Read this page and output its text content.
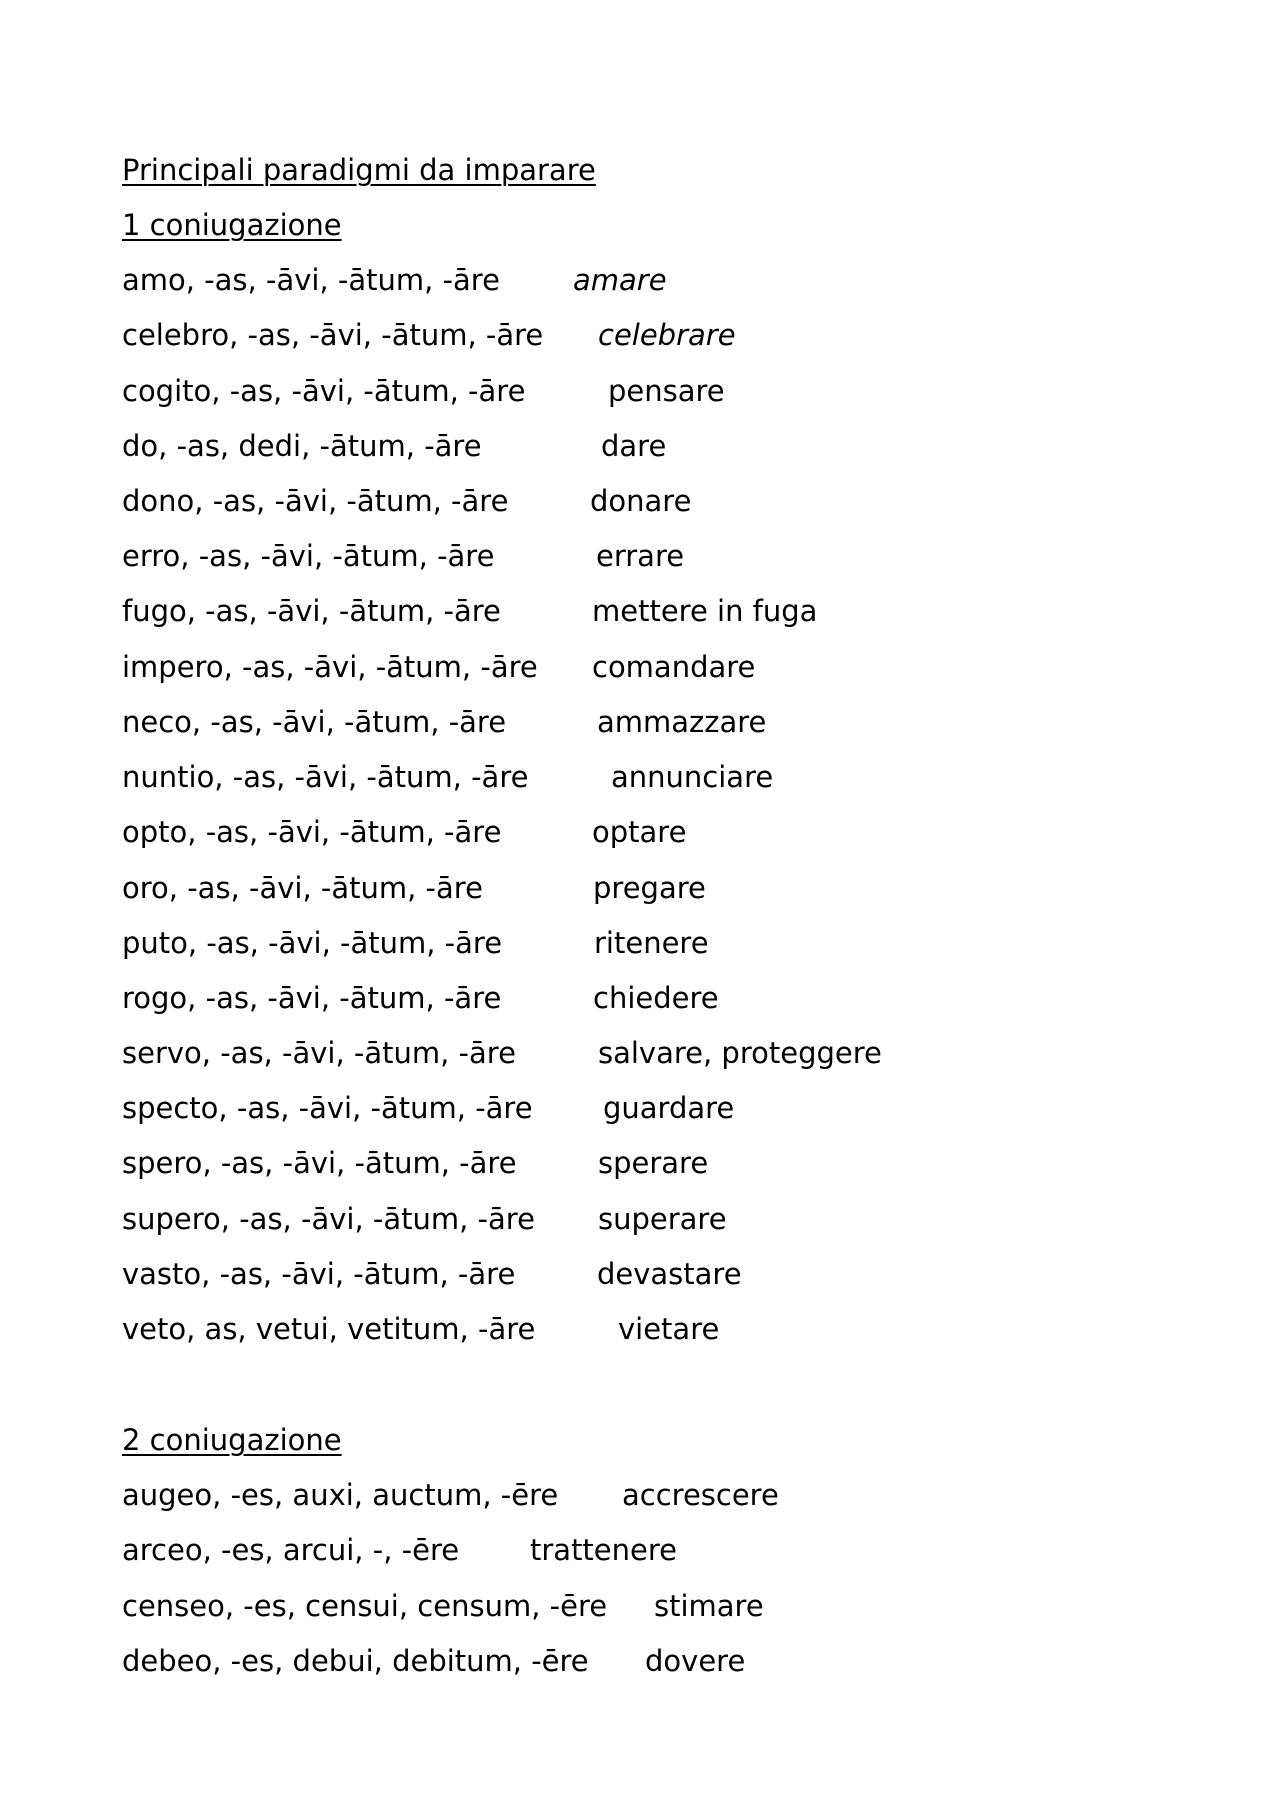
Principali paradigmi da imparare
1 coniugazione
amo, -as, -āvi, -ātum, -āre	amare
celebro, -as, -āvi, -ātum, -āre celebrare
cogito, -as, -āvi, -ātum, -āre	pensare
do, -as, dedi, -ātum, -āre	dare
dono, -as, -āvi, -ātum, -āre	donare
erro, -as, -āvi, -ātum, -āre	errare
fugo, -as, -āvi, -ātum, -āre	mettere in fuga
impero, -as, -āvi, -ātum, -āre comandare
neco, -as, -āvi, -ātum, -āre	ammazzare
nuntio, -as, -āvi, -ātum, -āre	annunciare
opto, -as, -āvi, -ātum, -āre	optare
oro, -as, -āvi, -ātum, -āre	pregare
puto, -as, -āvi, -ātum, -āre	ritenere
rogo, -as, -āvi, -ātum, -āre	chiedere
servo, -as, -āvi, -ātum, -āre	salvare, proteggere
specto, -as, -āvi, -ātum, -āre guardare
spero, -as, -āvi, -ātum, -āre	sperare
supero, -as, -āvi, -ātum, -āre superare
vasto, -as, -āvi, -ātum, -āre	devastare
veto, as, vetui, vetitum, -āre	vietare
2 coniugazione
augeo, -es, auxi, auctum, -ēre accrescere
arceo, -es, arcui, -, -ēre trattenere
censeo, -es, censui, censum, -ēre stimare
debeo, -es, debui, debitum, -ēre dovere
